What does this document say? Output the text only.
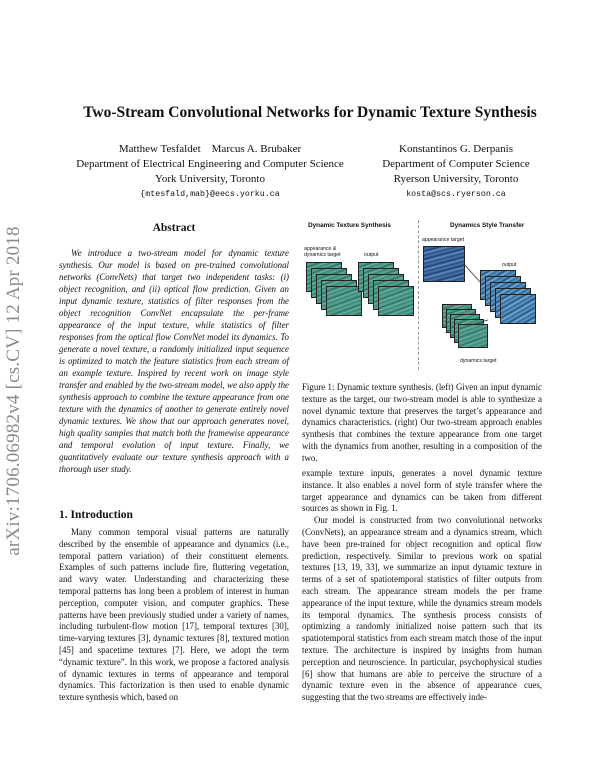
arXiv:1706.06982v4 [cs.CV] 12 Apr 2018
Two-Stream Convolutional Networks for Dynamic Texture Synthesis
Matthew Tesfaldet    Marcus A. Brubaker
Department of Electrical Engineering and Computer Science
York University, Toronto
{mtesfald,mab}@eecs.yorku.ca
Konstantinos G. Derpanis
Department of Computer Science
Ryerson University, Toronto
kosta@scs.ryerson.ca
Abstract

We introduce a two-stream model for dynamic texture synthesis. Our model is based on pre-trained convolutional networks (ConvNets) that target two independent tasks: (i) object recognition, and (ii) optical flow prediction. Given an input dynamic texture, statistics of filter responses from the object recognition ConvNet encapsulate the per-frame appearance of the input texture, while statistics of filter responses from the optical flow ConvNet model its dynamics. To generate a novel texture, a randomly initialized input sequence is optimized to match the feature statistics from each stream of an example texture. Inspired by recent work on image style transfer and enabled by the two-stream model, we also apply the synthesis approach to combine the texture appearance from one texture with the dynamics of another to generate entirely novel dynamic textures. We show that our approach generates novel, high quality samples that match both the framewise appearance and temporal evolution of input texture. Finally, we quantitatively evaluate our texture synthesis approach with a thorough user study.

1. Introduction

Many common temporal visual patterns are naturally described by the ensemble of appearance and dynamics (i.e., temporal pattern variation) of their constituent elements. Examples of such patterns include fire, fluttering vegetation, and wavy water. Understanding and characterizing these temporal patterns has long been a problem of interest in human perception, computer vision, and computer graphics. These patterns have been previously studied under a variety of names, including turbulent-flow motion [17], temporal textures [30], time-varying textures [3], dynamic textures [8], textured motion [45] and spacetime textures [7]. Here, we adopt the term “dynamic texture”. In this work, we propose a factored analysis of dynamic textures in terms of appearance and temporal dynamics. This factorization is then used to enable dynamic texture synthesis which, based on

Dynamic Texture Synthesis	Dynamics Style Transfer
appearance & dynamics target	output
appearance target
output
dynamics target
Figure 1: Dynamic texture synthesis. (left) Given an input dynamic texture as the target, our two-stream model is able to synthesize a novel dynamic texture that preserves the target’s appearance and dynamics characteristics. (right) Our two-stream approach enables synthesis that combines the texture appearance from one target with the dynamics from another, resulting in a composition of the two.

example texture inputs, generates a novel dynamic texture instance. It also enables a novel form of style transfer where the target appearance and dynamics can be taken from different sources as shown in Fig. 1.

Our model is constructed from two convolutional networks (ConvNets), an appearance stream and a dynamics stream, which have been pre-trained for object recognition and optical flow prediction, respectively. Similar to previous work on spatial textures [13, 19, 33], we summarize an input dynamic texture in terms of a set of spatiotemporal statistics of filter outputs from each stream. The appearance stream models the per frame appearance of the input texture, while the dynamics stream models its temporal dynamics. The synthesis process consists of optimizing a randomly initialized noise pattern such that its spatiotemporal statistics from each stream match those of the input texture. The architecture is inspired by insights from human perception and neuroscience. In particular, psychophysical studies [6] show that humans are able to perceive the structure of a dynamic texture even in the absence of appearance cues, suggesting that the two streams are effectively inde-
